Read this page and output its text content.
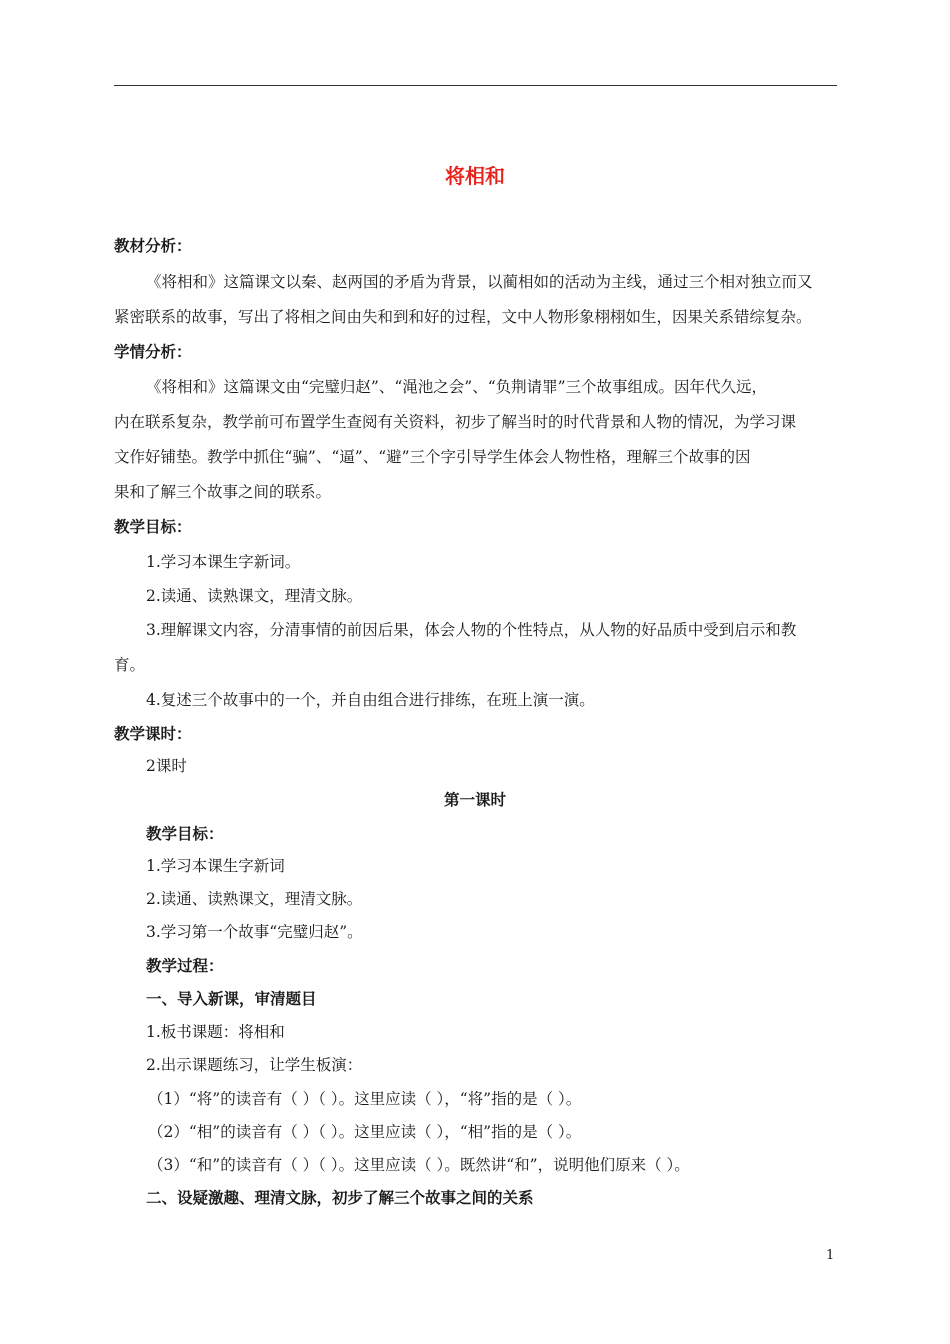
将相和
教材分析：
《将相和》这篇课文以秦、赵两国的矛盾为背景，以蔺相如的活动为主线，通过三个相对独立而又
紧密联系的故事，写出了将相之间由失和到和好的过程，文中人物形象栩栩如生，因果关系错综复杂。
学情分析：
《将相和》这篇课文由“完璧归赵”、“渑池之会”、“负荆请罪”三个故事组成。因年代久远，
内在联系复杂，教学前可布置学生查阅有关资料，初步了解当时的时代背景和人物的情况，为学习课
文作好铺垫。教学中抓住“骗”、“逼”、“避”三个字引导学生体会人物性格，理解三个故事的因
果和了解三个故事之间的联系。
教学目标：
1.学习本课生字新词。
2.读通、读熟课文，理清文脉。
3.理解课文内容，分清事情的前因后果，体会人物的个性特点，从人物的好品质中受到启示和教
育。
4.复述三个故事中的一个，并自由组合进行排练，在班上演一演。
教学课时：
2课时
第一课时
教学目标：
1.学习本课生字新词
2.读通、读熟课文，理清文脉。
3.学习第一个故事“完璧归赵”。
教学过程：
一、导入新课，审清题目
1.板书课题：将相和
2.出示课题练习，让学生板演：
（1）“将”的读音有（ ）（ ）。这里应读（ ），“将”指的是（ ）。
（2）“相”的读音有（ ）（ ）。这里应读（ ），“相”指的是（ ）。
（3）“和”的读音有（ ）（ ）。这里应读（ ）。既然讲“和”，说明他们原来（ ）。
二、设疑激趣、理清文脉，初步了解三个故事之间的关系
1
